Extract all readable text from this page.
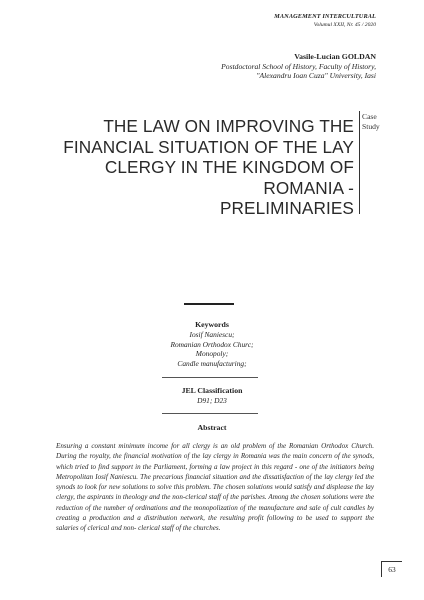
MANAGEMENT INTERCULTURAL
Volumul XXII, Nr. 45 / 2020
Vasile-Lucian GOLDAN
Postdoctoral School of History, Faculty of History,
"Alexandru Ioan Cuza" University, Iasi
THE LAW ON IMPROVING THE
FINANCIAL SITUATION OF THE LAY
CLERGY IN THE KINGDOM OF
ROMANIA -
PRELIMINARIES
Case
Study
Keywords
Iosif Naniescu;
Romanian Orthodox Churc;
Monopoly;
Candle manufacturing;
JEL Classification
D91; D23
Abstract
Ensuring a constant minimum income for all clergy is an old problem of the Romanian Orthodox Church. During the royalty, the financial motivation of the lay clergy in Romania was the main concern of the synods, which tried to find support in the Parliament, forming a law project in this regard - one of the initiators being Metropolitan Iosif Naniescu. The precarious financial situation and the dissatisfaction of the lay clergy led the synods to look for new solutions to solve this problem. The chosen solutions would satisfy and displease the lay clergy, the aspirants in theology and the non-clerical staff of the parishes. Among the chosen solutions were the reduction of the number of ordinations and the monopolization of the manufacture and sale of cult candles by creating a production and a distribution network, the resulting profit following to be used to support the salaries of clerical and non- clerical staff of the churches.
63
